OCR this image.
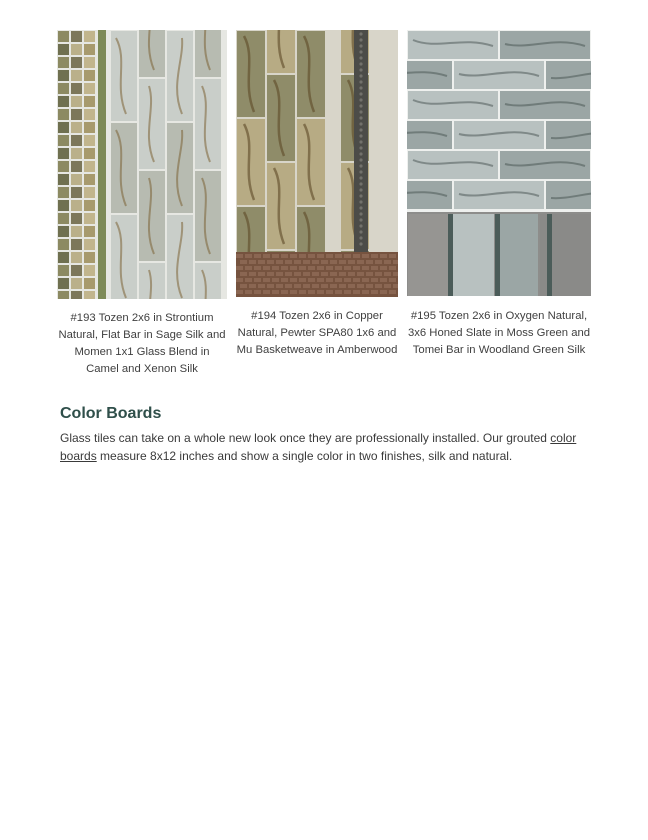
#193 Tozen 2x6 in Strontium Natural, Flat Bar in Sage Silk and Momen 1x1 Glass Blend in Camel and Xenon Silk
#194 Tozen 2x6 in Copper Natural, Pewter SPA80 1x6 and Mu Basketweave in Amberwood
#195 Tozen 2x6 in Oxygen Natural, 3x6 Honed Slate in Moss Green and Tomei Bar in Woodland Green Silk
Color Boards

Glass tiles can take on a whole new look once they are professionally installed. Our grouted color boards measure 8x12 inches and show a single color in two finishes, silk and natural.
